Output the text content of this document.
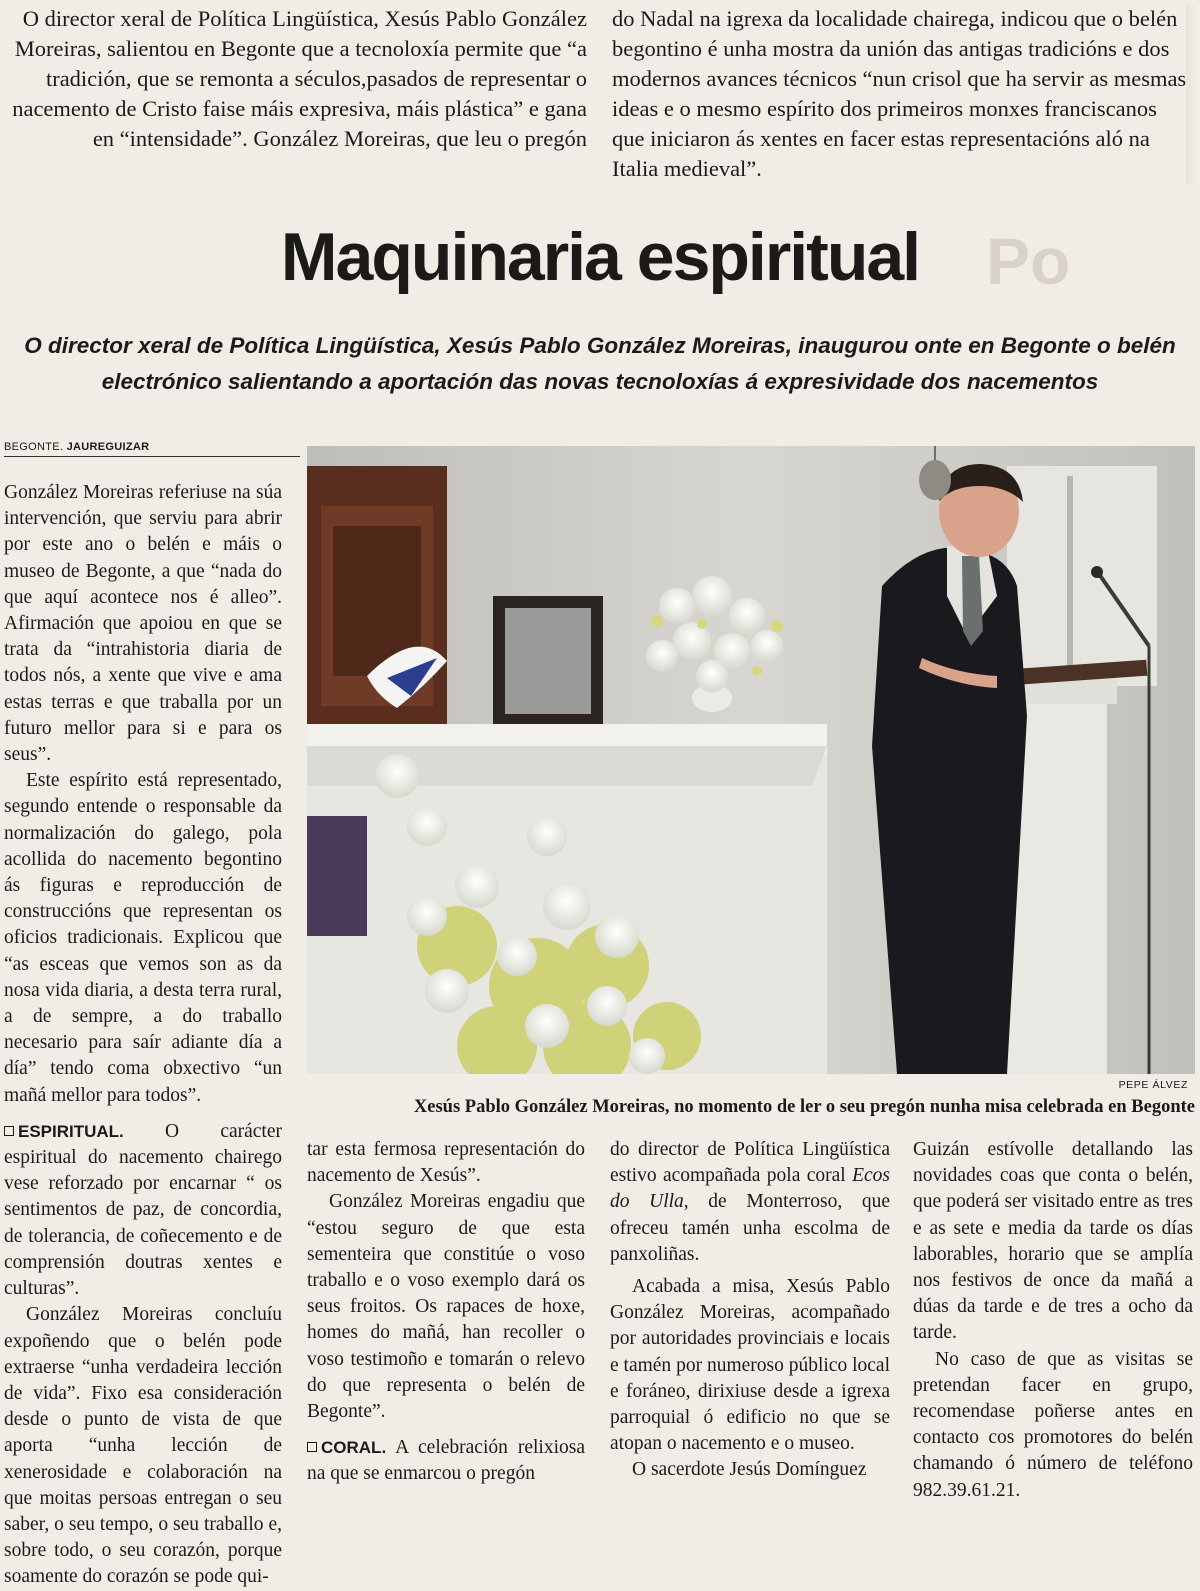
O director xeral de Política Lingüística, Xesús Pablo González Moreiras, salientou en Begonte que a tecnoloxía permite que “a tradición, que se remonta a séculos,pasados de representar o nacemento de Cristo faise máis expresiva, máis plástica” e gana en “intensidade”. González Moreiras, que leu o pregón

do Nadal na igrexa da localidade chairega, indicou que o belén begontino é unha mostra da unión das antigas tradicións e dos modernos avances técnicos “nun crisol que ha servir as mesmas ideas e o mesmo espírito dos primeiros monxes franciscanos que iniciaron ás xentes en facer estas representacións aló na Italia medieval”.

Maquinaria espiritual	Po

O director xeral de Política Lingüística, Xesús Pablo González Moreiras, inaugurou onte en Begonte o belén electrónico salientando a aportación das novas tecnoloxías á expresividade dos nacementos

BEGONTE. JAUREGUIZAR

González Moreiras referiuse na súa intervención, que serviu para abrir por este ano o belén e máis o museo de Begonte, a que “nada do que aquí acontece nos é alleo”. Afirmación que apoiou en que se trata da “intrahistoria diaria de todos nós, a xente que vive e ama estas terras e que traballa por un futuro mellor para si e para os seus”.

Este espírito está representado, segundo entende o responsable da normalización do galego, pola acollida do nacemento begontino ás figuras e reproducción de construccións que representan os oficios tradicionais. Explicou que “as esceas que vemos son as da nosa vida diaria, a desta terra rural, a de sempre, a do traballo necesario para saír adiante día a día” tendo coma obxectivo “un mañá mellor para todos”.

ESPIRITUAL. O carácter espiritual do nacemento chairego vese reforzado por encarnar “ os sentimentos de paz, de concordia, de tolerancia, de coñecemento e de comprensión doutras xentes e culturas”.

González Moreiras concluíu expoñendo que o belén pode extraerse “unha verdadeira lección de vida”. Fixo esa consideración desde o punto de vista de que aporta “unha lección de xenerosidade e colaboración na que moitas persoas entregan o seu saber, o seu tempo, o seu traballo e, sobre todo, o seu corazón, porque soamente do corazón se pode qui-

PEPE ÁLVEZ
Xesús Pablo González Moreiras, no momento de ler o seu pregón nunha misa celebrada en Begonte

tar esta fermosa representación do nacemento de Xesús”.

González Moreiras engadiu que “estou seguro de que esta sementeira que constitúe o voso traballo e o voso exemplo dará os seus froitos. Os rapaces de hoxe, homes do mañá, han recoller o voso testimoño e tomarán o relevo do que representa o belén de Begonte”.

CORAL. A celebración relixiosa na que se enmarcou o pregón

do director de Política Lingüística estivo acompañada pola coral Ecos do Ulla, de Monterroso, que ofreceu tamén unha escolma de panxoliñas.

Acabada a misa, Xesús Pablo González Moreiras, acompañado por autoridades provinciais e locais e tamén por numeroso público local e foráneo, dirixiuse desde a igrexa parroquial ó edificio no que se atopan o nacemento e o museo.

O sacerdote Jesús Domínguez

Guizán estívolle detallando las novidades coas que conta o belén, que poderá ser visitado entre as tres e as sete e media da tarde os días laborables, horario que se amplía nos festivos de once da mañá a dúas da tarde e de tres a ocho da tarde.

No caso de que as visitas se pretendan facer en grupo, recomendase poñerse antes en contacto cos promotores do belén chamando ó número de teléfono 982.39.61.21.
